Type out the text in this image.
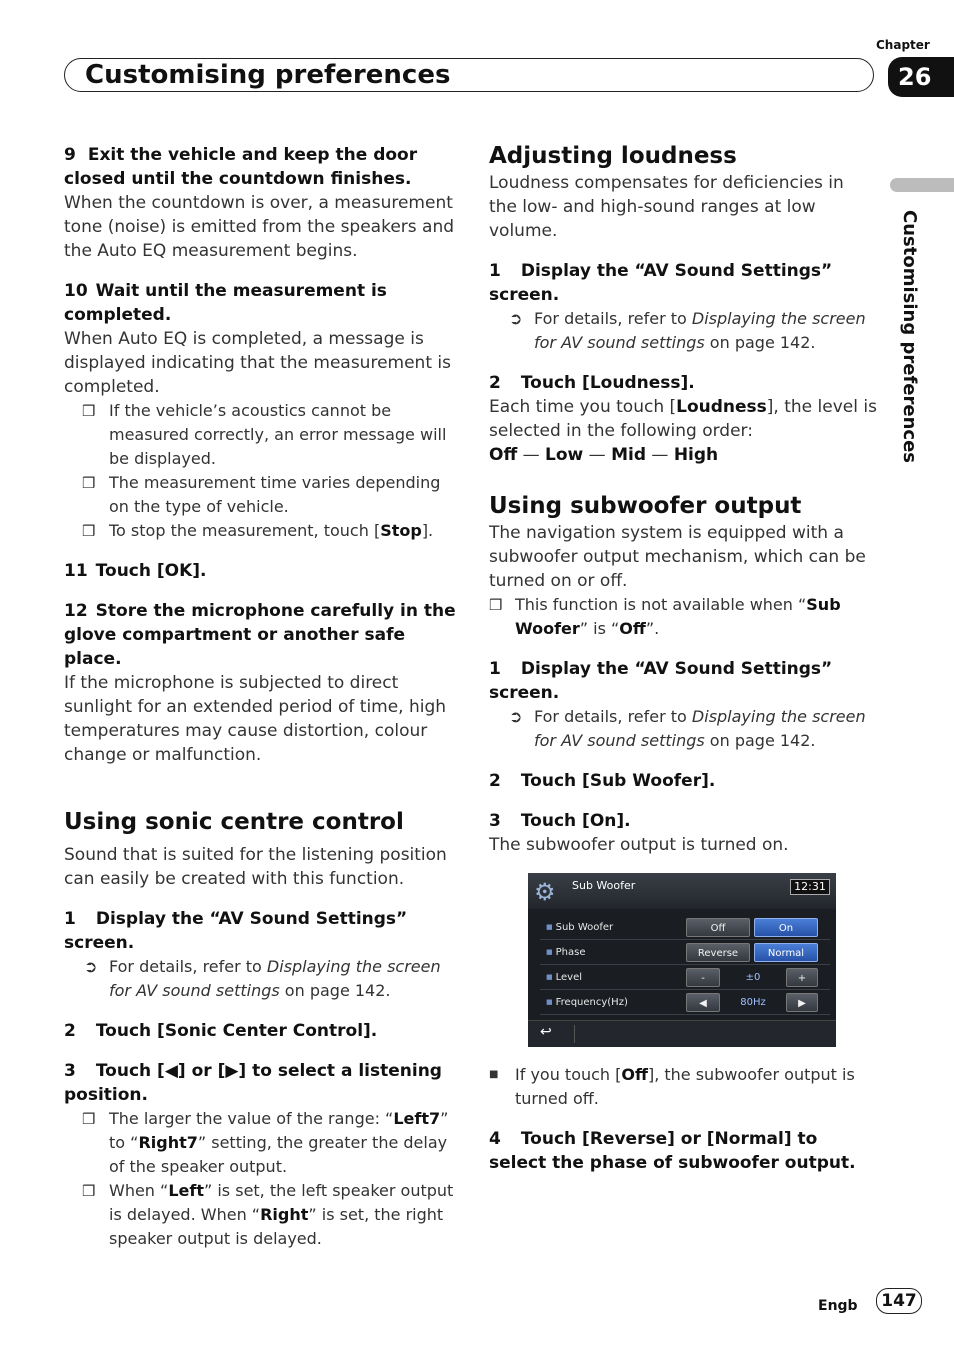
Chapter
Customising preferences	26
Customising preferences

9 Exit the vehicle and keep the door closed until the countdown finishes.

When the countdown is over, a measurement tone (noise) is emitted from the speakers and the Auto EQ measurement begins.

10 Wait until the measurement is completed.

When Auto EQ is completed, a message is displayed indicating that the measurement is completed.

❒ If the vehicle’s acoustics cannot be measured correctly, an error message will be displayed.

❒ The measurement time varies depending on the type of vehicle.

❒ To stop the measurement, touch [Stop].

11 Touch [OK].

12 Store the microphone carefully in the glove compartment or another safe place.

If the microphone is subjected to direct sunlight for an extended period of time, high temperatures may cause distortion, colour change or malfunction.

Using sonic centre control

Sound that is suited for the listening position can easily be created with this function.

1 Display the “AV Sound Settings” screen.

➲ For details, refer to Displaying the screen for AV sound settings on page 142.

2 Touch [Sonic Center Control].

3 Touch [◀] or [▶] to select a listening position.

❒ The larger the value of the range: “Left7” to “Right7” setting, the greater the delay of the speaker output.

❒ When “Left” is set, the left speaker output is delayed. When “Right” is set, the right speaker output is delayed.

Adjusting loudness

Loudness compensates for deficiencies in the low- and high-sound ranges at low volume.

1 Display the “AV Sound Settings” screen.

➲ For details, refer to Displaying the screen for AV sound settings on page 142.

2 Touch [Loudness].

Each time you touch [Loudness], the level is selected in the following order:

Off — Low — Mid — High

Using subwoofer output

The navigation system is equipped with a subwoofer output mechanism, which can be turned on or off.

❒ This function is not available when “Sub Woofer” is “Off”.

1 Display the “AV Sound Settings” screen.

➲ For details, refer to Displaying the screen for AV sound settings on page 142.

2 Touch [Sub Woofer].

3 Touch [On].

The subwoofer output is turned on.

⚙	Sub Woofer	12:31
■ Sub Woofer	Off	On
■ Phase	Reverse	Normal
■ Level	-	±0	+
■ Frequency(Hz)	◀	80Hz	▶
↩

■ If you touch [Off], the subwoofer output is turned off.

4 Touch [Reverse] or [Normal] to select the phase of subwoofer output.

Engb	147
